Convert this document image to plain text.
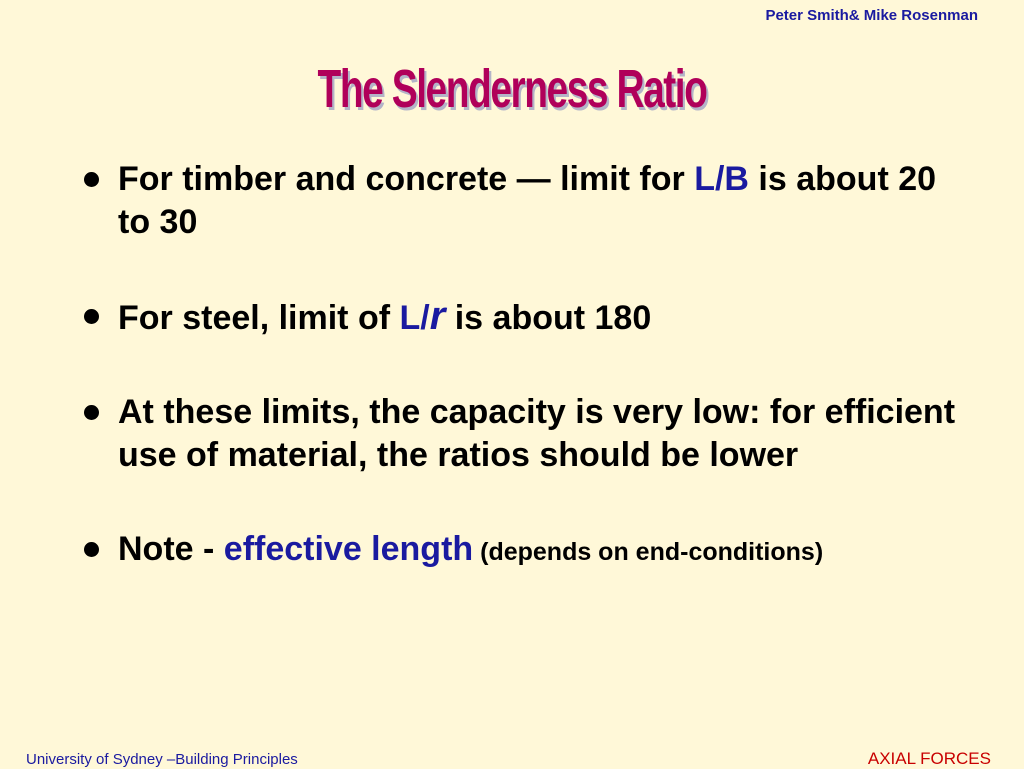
Peter Smith& Mike Rosenman
The Slenderness Ratio
For timber and concrete — limit for L/B is about 20 to 30
For steel, limit of L/r is about 180
At these limits, the capacity is very low: for efficient use of material, the ratios should be lower
Note - effective length (depends on end-conditions)
University of Sydney –Building Principles	AXIAL FORCES
